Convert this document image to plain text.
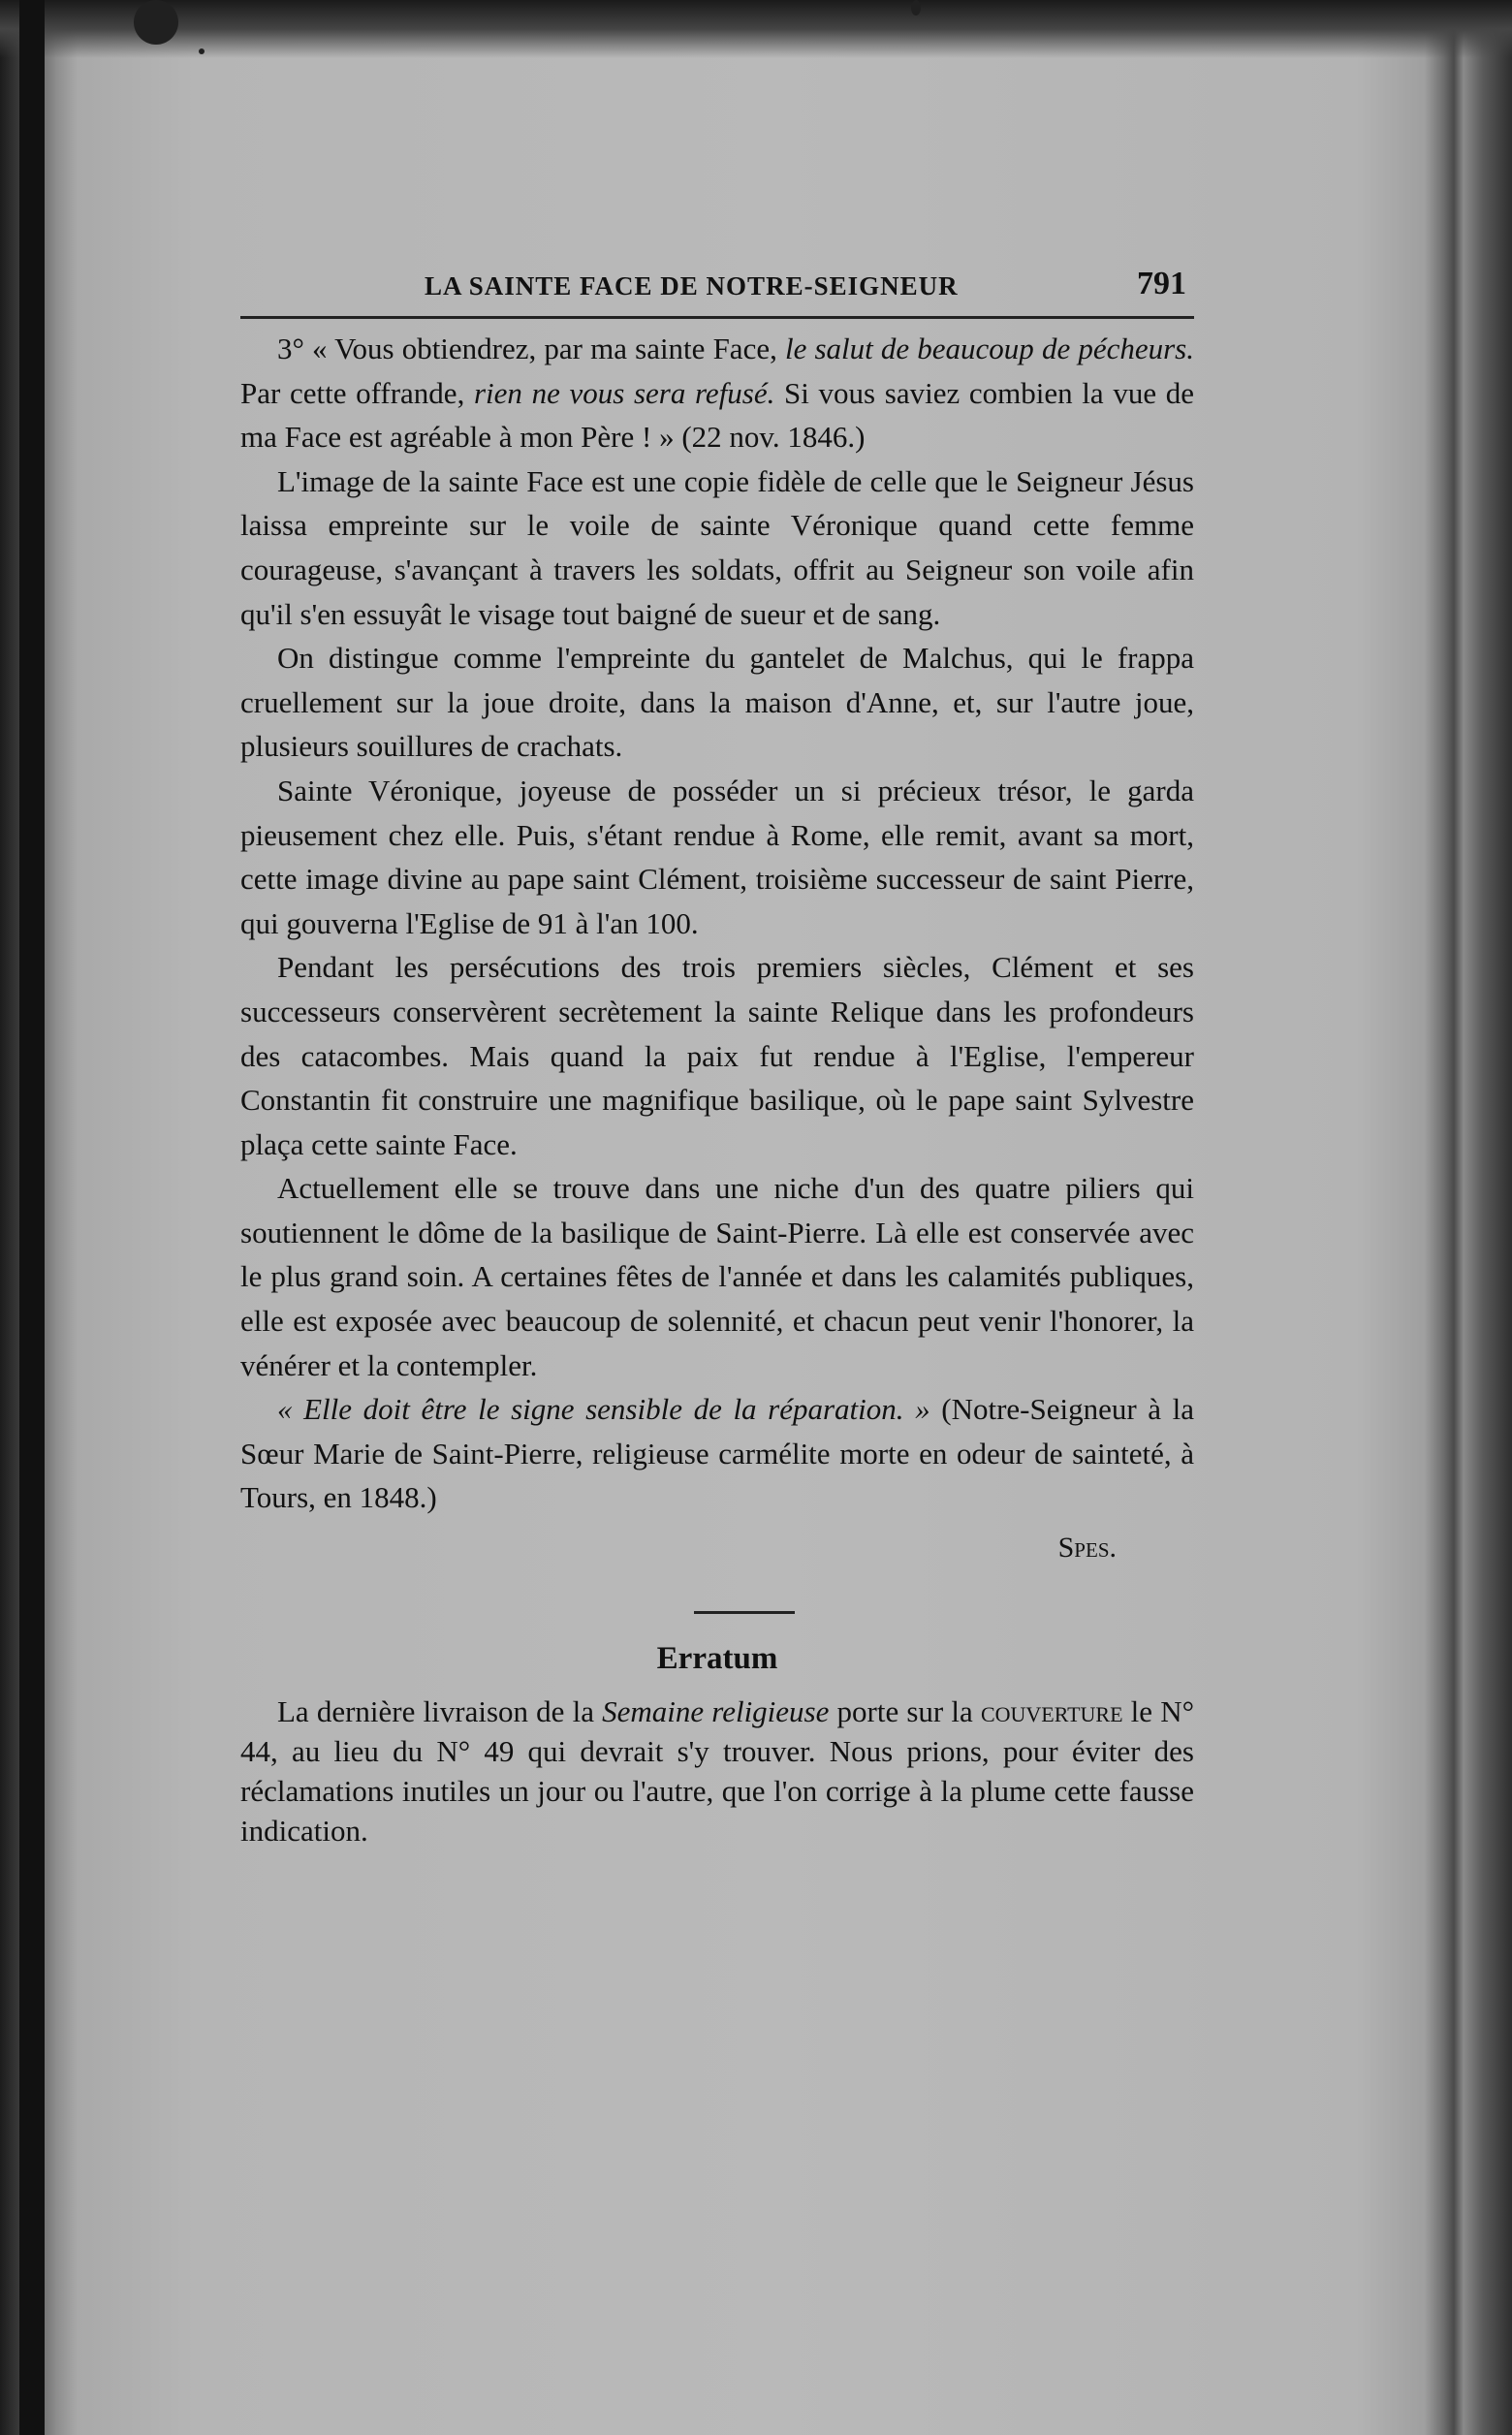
LA SAINTE FACE DE NOTRE-SEIGNEUR	791

3° « Vous obtiendrez, par ma sainte Face, le salut de beaucoup de pécheurs. Par cette offrande, rien ne vous sera refusé. Si vous saviez combien la vue de ma Face est agréable à mon Père ! » (22 nov. 1846.)

L'image de la sainte Face est une copie fidèle de celle que le Seigneur Jésus laissa empreinte sur le voile de sainte Véronique quand cette femme courageuse, s'avançant à travers les soldats, offrit au Seigneur son voile afin qu'il s'en essuyât le visage tout baigné de sueur et de sang.

On distingue comme l'empreinte du gantelet de Malchus, qui le frappa cruellement sur la joue droite, dans la maison d'Anne, et, sur l'autre joue, plusieurs souillures de crachats.

Sainte Véronique, joyeuse de posséder un si précieux trésor, le garda pieusement chez elle. Puis, s'étant rendue à Rome, elle remit, avant sa mort, cette image divine au pape saint Clément, troisième successeur de saint Pierre, qui gouverna l'Eglise de 91 à l'an 100.

Pendant les persécutions des trois premiers siècles, Clément et ses successeurs conservèrent secrètement la sainte Relique dans les profondeurs des catacombes. Mais quand la paix fut rendue à l'Eglise, l'empereur Constantin fit construire une magnifique basilique, où le pape saint Sylvestre plaça cette sainte Face.

Actuellement elle se trouve dans une niche d'un des quatre piliers qui soutiennent le dôme de la basilique de Saint-Pierre. Là elle est conservée avec le plus grand soin. A certaines fêtes de l'année et dans les calamités publiques, elle est exposée avec beaucoup de solennité, et chacun peut venir l'honorer, la vénérer et la contempler.

« Elle doit être le signe sensible de la réparation. » (Notre-Seigneur à la Sœur Marie de Saint-Pierre, religieuse carmélite morte en odeur de sainteté, à Tours, en 1848.)

Spes.
Erratum

La dernière livraison de la Semaine religieuse porte sur la couverture le N° 44, au lieu du N° 49 qui devrait s'y trouver. Nous prions, pour éviter des réclamations inutiles un jour ou l'autre, que l'on corrige à la plume cette fausse indication.
